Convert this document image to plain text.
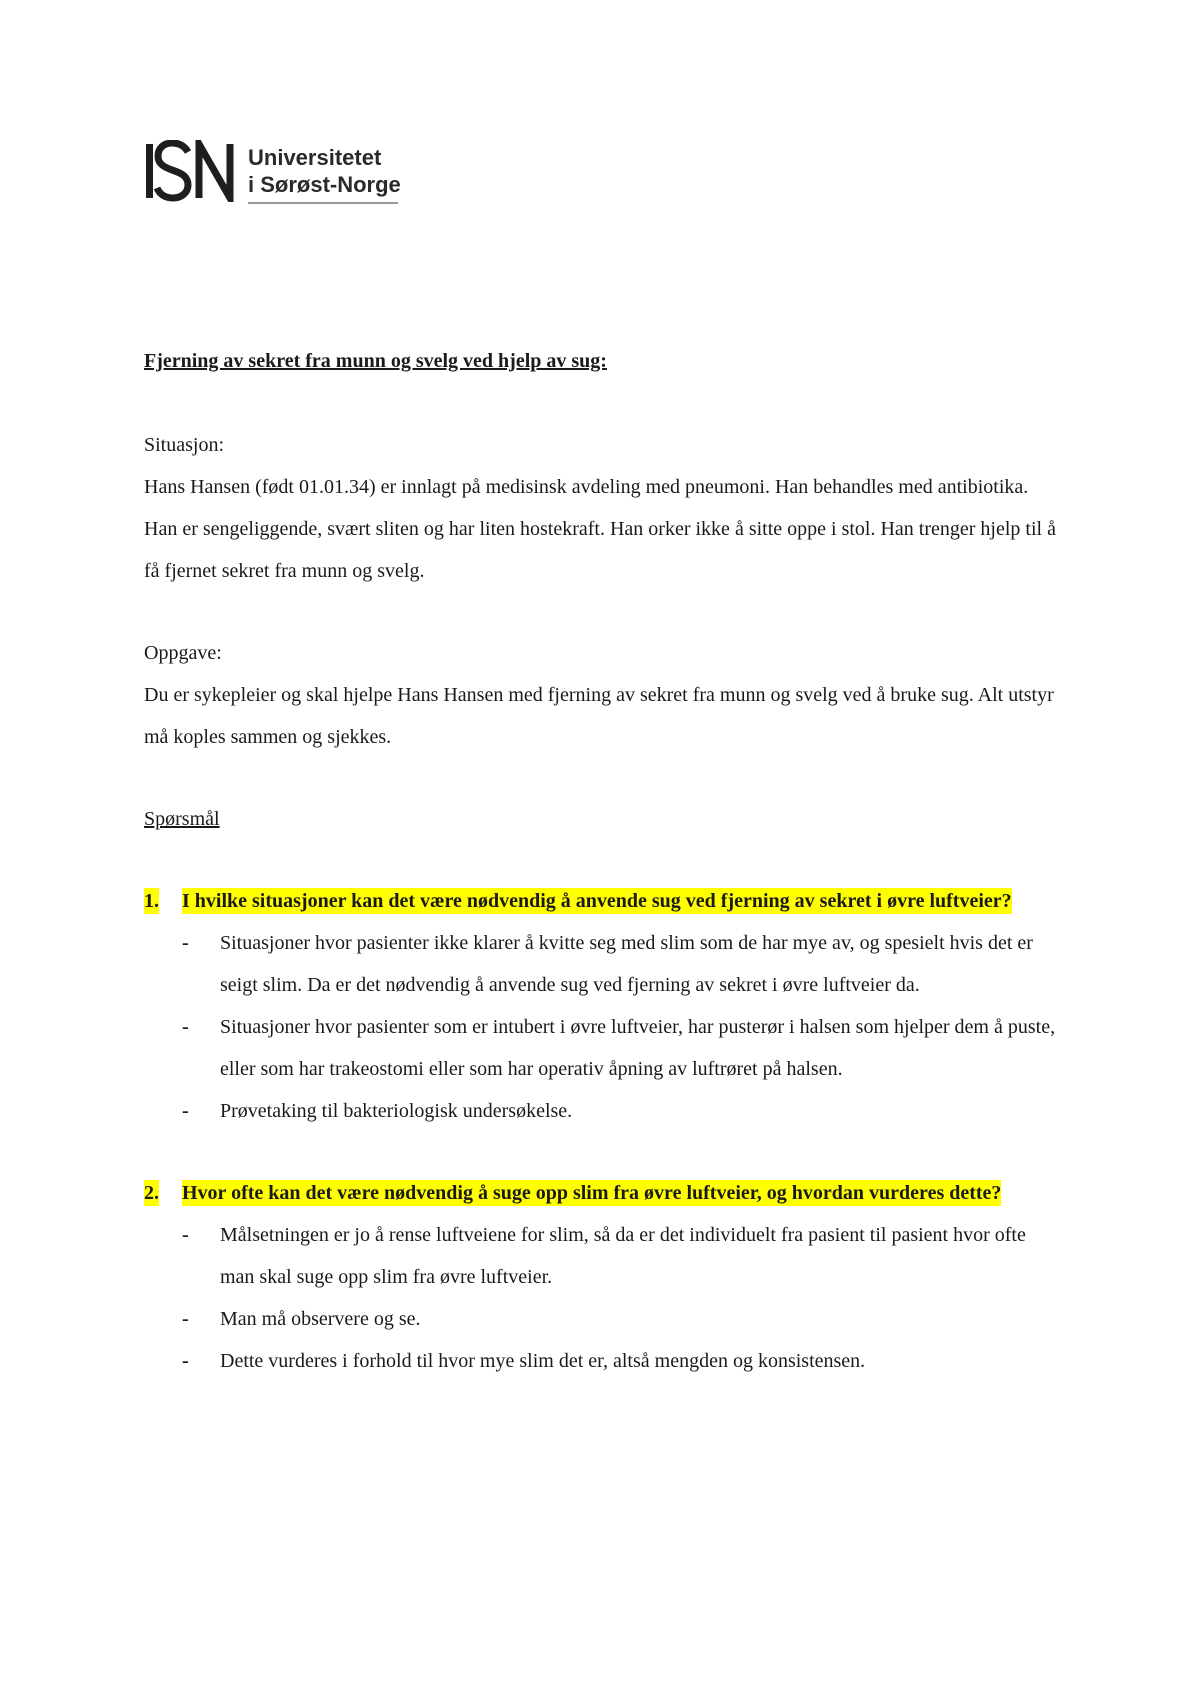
Universitetet
i Sørøst-Norge

Fjerning av sekret fra munn og svelg ved hjelp av sug:

Situasjon:

Hans Hansen (født 01.01.34) er innlagt på medisinsk avdeling med pneumoni. Han behandles med antibiotika. Han er sengeliggende, svært sliten og har liten hostekraft. Han orker ikke å sitte oppe i stol. Han trenger hjelp til å få fjernet sekret fra munn og svelg.

Oppgave:

Du er sykepleier og skal hjelpe Hans Hansen med fjerning av sekret fra munn og svelg ved å bruke sug. Alt utstyr må koples sammen og sjekkes.

Spørsmål

1.	I hvilke situasjoner kan det være nødvendig å anvende sug ved fjerning av sekret i øvre luftveier?
-	Situasjoner hvor pasienter ikke klarer å kvitte seg med slim som de har mye av, og spesielt hvis det er seigt slim. Da er det nødvendig å anvende sug ved fjerning av sekret i øvre luftveier da.
-	Situasjoner hvor pasienter som er intubert i øvre luftveier, har pusterør i halsen som hjelper dem å puste, eller som har trakeostomi eller som har operativ åpning av luftrøret på halsen.
-	Prøvetaking til bakteriologisk undersøkelse.
2.	Hvor ofte kan det være nødvendig å suge opp slim fra øvre luftveier, og hvordan vurderes dette?
-	Målsetningen er jo å rense luftveiene for slim, så da er det individuelt fra pasient til pasient hvor ofte man skal suge opp slim fra øvre luftveier.
-	Man må observere og se.
-	Dette vurderes i forhold til hvor mye slim det er, altså mengden og konsistensen.
